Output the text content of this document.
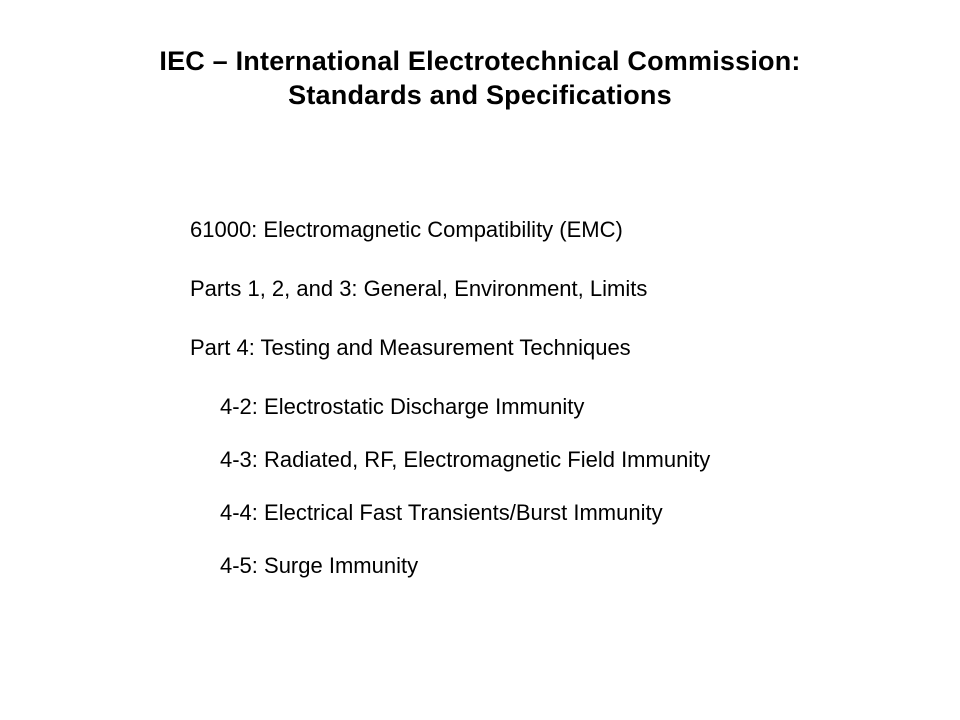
IEC – International Electrotechnical Commission:
Standards and Specifications
61000: Electromagnetic Compatibility (EMC)
Parts 1, 2, and 3: General, Environment, Limits
Part 4: Testing and Measurement Techniques
4-2: Electrostatic Discharge Immunity
4-3: Radiated, RF, Electromagnetic Field Immunity
4-4: Electrical Fast Transients/Burst Immunity
4-5: Surge Immunity
